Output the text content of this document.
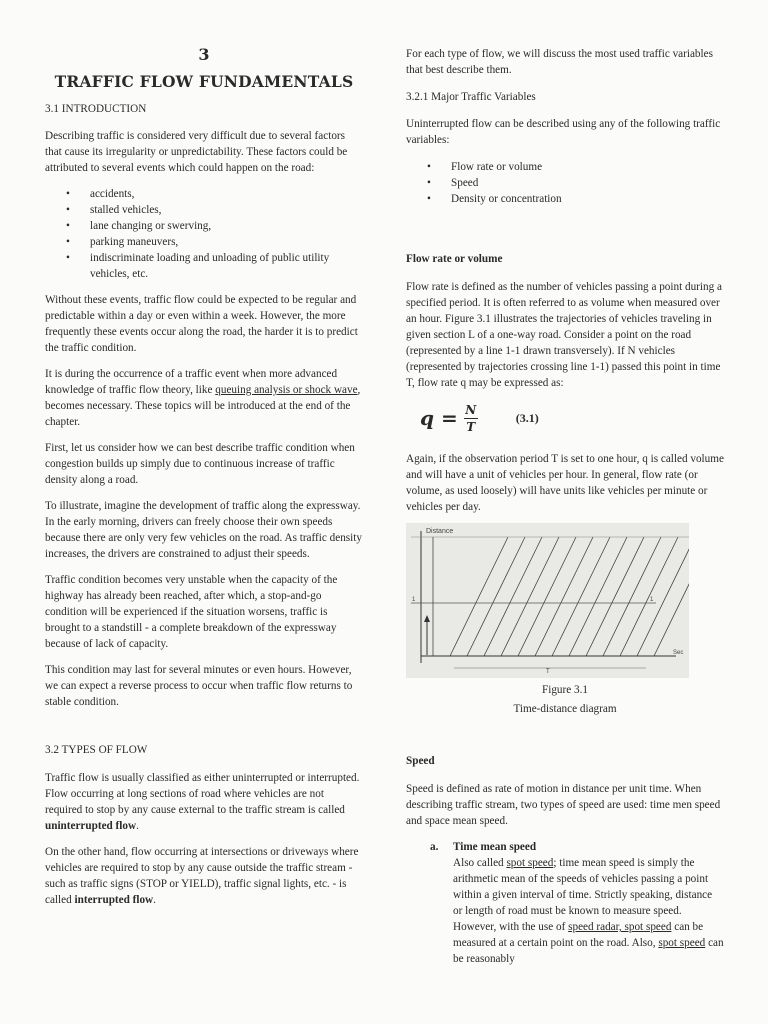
3
TRAFFIC FLOW FUNDAMENTALS

3.1 INTRODUCTION

Describing traffic is considered very difficult due to several factors that cause its irregularity or unpredictability. These factors could be attributed to several events which could happen on the road:

• accidents,
• stalled vehicles,
• lane changing or swerving,
• parking maneuvers,
• indiscriminate loading and unloading of public utility vehicles, etc.

Without these events, traffic flow could be expected to be regular and predictable within a day or even within a week. However, the more frequently these events occur along the road, the harder it is to predict the traffic condition.

It is during the occurrence of a traffic event when more advanced knowledge of traffic flow theory, like queuing analysis or shock wave, becomes necessary. These topics will be introduced at the end of the chapter.

First, let us consider how we can best describe traffic condition when congestion builds up simply due to continuous increase of traffic density along a road.

To illustrate, imagine the development of traffic along the expressway. In the early morning, drivers can freely choose their own speeds because there are only very few vehicles on the road. As traffic density increases, the drivers are constrained to adjust their speeds.

Traffic condition becomes very unstable when the capacity of the highway has already been reached, after which, a stop-and-go condition will be experienced if the situation worsens, traffic is brought to a standstill - a complete breakdown of the expressway because of lack of capacity.

This condition may last for several minutes or even hours. However, we can expect a reverse process to occur when traffic flow returns to stable condition.

3.2 TYPES OF FLOW

Traffic flow is usually classified as either uninterrupted or interrupted. Flow occurring at long sections of road where vehicles are not required to stop by any cause external to the traffic stream is called uninterrupted flow.

On the other hand, flow occurring at intersections or driveways where vehicles are required to stop by any cause outside the traffic stream - such as traffic signs (STOP or YIELD), traffic signal lights, etc. - is called interrupted flow.

For each type of flow, we will discuss the most used traffic variables that best describe them.

3.2.1 Major Traffic Variables

Uninterrupted flow can be described using any of the following traffic variables:

• Flow rate or volume
• Speed
• Density or concentration

Flow rate or volume

Flow rate is defined as the number of vehicles passing a point during a specified period. It is often referred to as volume when measured over an hour. Figure 3.1 illustrates the trajectories of vehicles traveling in given section L of a one-way road. Consider a point on the road (represented by a line 1-1 drawn transversely). If N vehicles (represented by trajectories crossing line 1-1) passed this point in time T, flow rate q may be expressed as:

$q = \frac{N}{T}$	(3.1)

Again, if the observation period T is set to one hour, q is called volume and will have a unit of vehicles per hour. In general, flow rate (or volume, as used loosely) will have units like vehicles per minute or vehicles per day.

Distance
Sec
T
1
1
Figure 3.1
Time-distance diagram

Speed

Speed is defined as rate of motion in distance per unit time. When describing traffic stream, two types of speed are used: time men speed and space mean speed.

a. Time mean speed
Also called spot speed; time mean speed is simply the arithmetic mean of the speeds of vehicles passing a point within a given interval of time. Strictly speaking, distance or length of road must be known to measure speed. However, with the use of speed radar, spot speed can be measured at a certain point on the road. Also, spot speed can be reasonably
